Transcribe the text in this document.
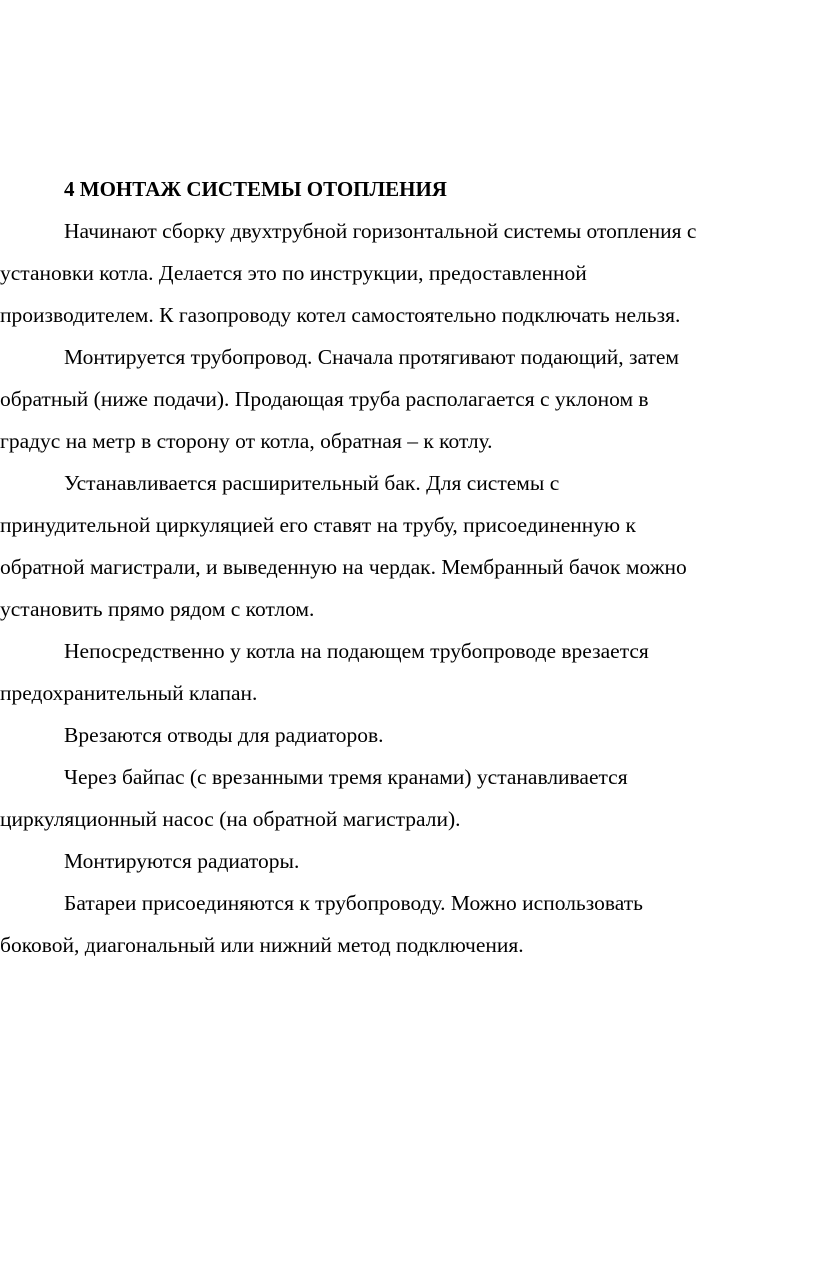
4 МОНТАЖ СИСТЕМЫ ОТОПЛЕНИЯ

Начинают сборку двухтрубной горизонтальной системы отопления с
установки котла. Делается это по инструкции, предоставленной
производителем. К газопроводу котел самостоятельно подключать нельзя.

Монтируется трубопровод. Сначала протягивают подающий, затем
обратный (ниже подачи). Продающая труба располагается с уклоном в
градус на метр в сторону от котла, обратная – к котлу.

Устанавливается расширительный бак. Для системы с
принудительной циркуляцией его ставят на трубу, присоединенную к
обратной магистрали, и выведенную на чердак. Мембранный бачок можно
установить прямо рядом с котлом.

Непосредственно у котла на подающем трубопроводе врезается
предохранительный клапан.

Врезаются отводы для радиаторов.

Через байпас (с врезанными тремя кранами) устанавливается
циркуляционный насос (на обратной магистрали).

Монтируются радиаторы.

Батареи присоединяются к трубопроводу. Можно использовать
боковой, диагональный или нижний метод подключения.
